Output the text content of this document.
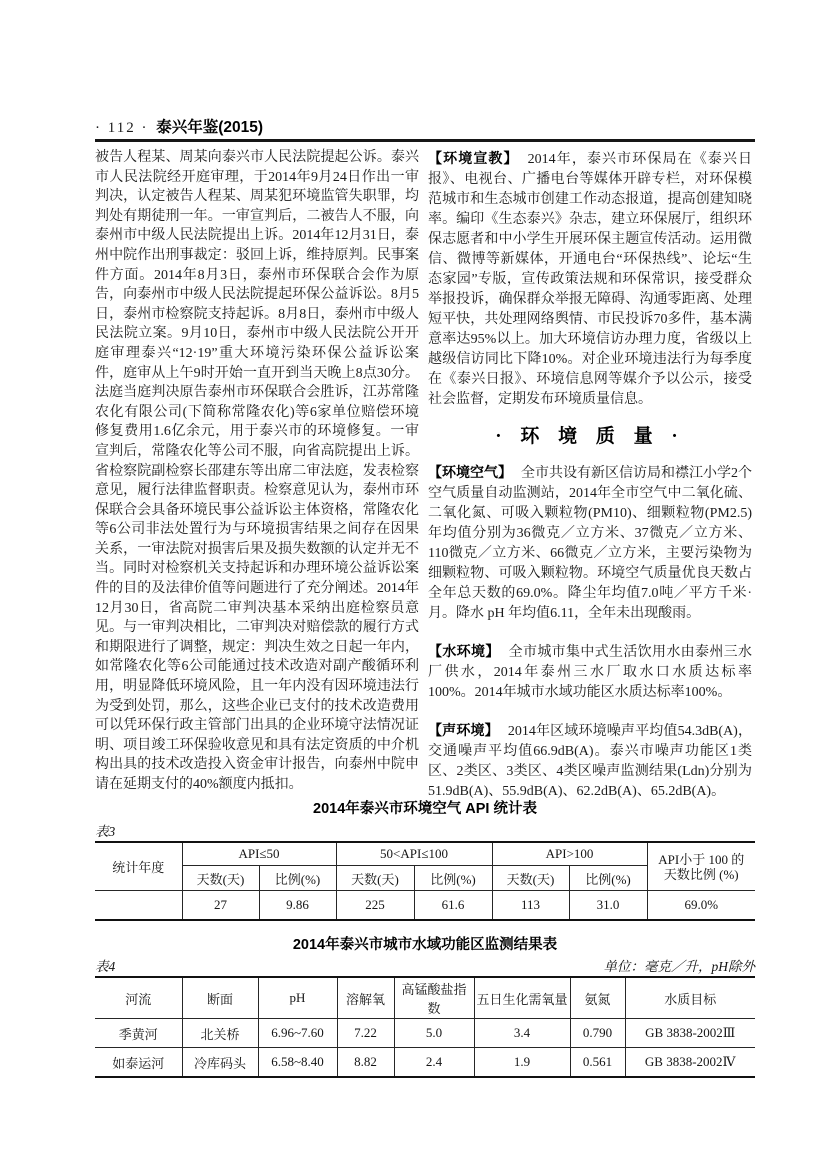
· 112 · 泰兴年鉴(2015)
被告人程某、周某向泰兴市人民法院提起公诉。泰兴市人民法院经开庭审理，于2014年9月24日作出一审判决，认定被告人程某、周某犯环境监管失职罪，均判处有期徒刑一年。一审宣判后，二被告人不服，向泰州市中级人民法院提出上诉。2014年12月31日，泰州中院作出刑事裁定：驳回上诉，维持原判。民事案件方面。2014年8月3日，泰州市环保联合会作为原告，向泰州市中级人民法院提起环保公益诉讼。8月5日，泰州市检察院支持起诉。8月8日，泰州市中级人民法院立案。9月10日，泰州市中级人民法院公开开庭审理泰兴“12·19”重大环境污染环保公益诉讼案件，庭审从上午9时开始一直开到当天晚上8点30分。法庭当庭判决原告泰州市环保联合会胜诉，江苏常隆农化有限公司(下简称常隆农化)等6家单位赔偿环境修复费用1.6亿余元，用于泰兴市的环境修复。一审宣判后，常隆农化等公司不服，向省高院提出上诉。省检察院副检察长邵建东等出席二审法庭，发表检察意见，履行法律监督职责。检察意见认为，泰州市环保联合会具备环境民事公益诉讼主体资格，常隆农化等6公司非法处置行为与环境损害结果之间存在因果关系，一审法院对损害后果及损失数额的认定并无不当。同时对检察机关支持起诉和办理环境公益诉讼案件的目的及法律价值等问题进行了充分阐述。2014年12月30日，省高院二审判决基本采纳出庭检察员意见。与一审判决相比，二审判决对赔偿款的履行方式和期限进行了调整，规定：判决生效之日起一年内，如常隆农化等6公司能通过技术改造对副产酸循环利用，明显降低环境风险，且一年内没有因环境违法行为受到处罚，那么，这些企业已支付的技术改造费用可以凭环保行政主管部门出具的企业环境守法情况证明、项目竣工环保验收意见和具有法定资质的中介机构出具的技术改造投入资金审计报告，向泰州中院申请在延期支付的40%额度内抵扣。
【环境宣教】 2014年，泰兴市环保局在《泰兴日报》、电视台、广播电台等媒体开辟专栏，对环保模范城市和生态城市创建工作动态报道，提高创建知晓率。编印《生态泰兴》杂志，建立环保展厅，组织环保志愿者和中小学生开展环保主题宣传活动。运用微信、微博等新媒体，开通电台“环保热线”、论坛“生态家园”专版，宣传政策法规和环保常识，接受群众举报投诉，确保群众举报无障碍、沟通零距离、处理短平快，共处理网络舆情、市民投诉70多件，基本满意率达95%以上。加大环境信访办理力度，省级以上越级信访同比下降10%。对企业环境违法行为每季度在《泰兴日报》、环境信息网等媒介予以公示，接受社会监督，定期发布环境质量信息。
· 环 境 质 量 ·
【环境空气】 全市共设有新区信访局和襟江小学2个空气质量自动监测站，2014年全市空气中二氧化硫、二氧化氮、可吸入颗粒物(PM10)、细颗粒物(PM2.5)年均值分别为36微克／立方米、37微克／立方米、110微克／立方米、66微克／立方米，主要污染物为细颗粒物、可吸入颗粒物。环境空气质量优良天数占全年总天数的69.0%。降尘年均值7.0吨／平方千米·月。降水 pH 年均值6.11，全年未出现酸雨。
【水环境】 全市城市集中式生活饮用水由泰州三水厂供水，2014年泰州三水厂取水口水质达标率100%。2014年城市水域功能区水质达标率100%。
【声环境】 2014年区域环境噪声平均值54.3dB(A)，交通噪声平均值66.9dB(A)。泰兴市噪声功能区1类区、2类区、3类区、4类区噪声监测结果(Ldn)分别为51.9dB(A)、55.9dB(A)、62.2dB(A)、65.2dB(A)。
2014年泰兴市环境空气 API 统计表
表3
统计年度	API≤50		50<API≤100		API>100		API小于 100 的天数比例 (%)
	天数(天)	比例(%)	天数(天)	比例(%)	天数(天)	比例(%)	
	27	9.86	225	61.6	113	31.0	69.0%
2014年泰兴市城市水域功能区监测结果表
表4	单位：毫克／升，pH除外
河流	断面	pH	溶解氧	高锰酸盐指数	五日生化需氧量	氨氮	水质目标
季黄河	北关桥	6.96~7.60	7.22	5.0	3.4	0.790	GB 3838-2002Ⅲ
如泰运河	冷库码头	6.58~8.40	8.82	2.4	1.9	0.561	GB 3838-2002Ⅳ
